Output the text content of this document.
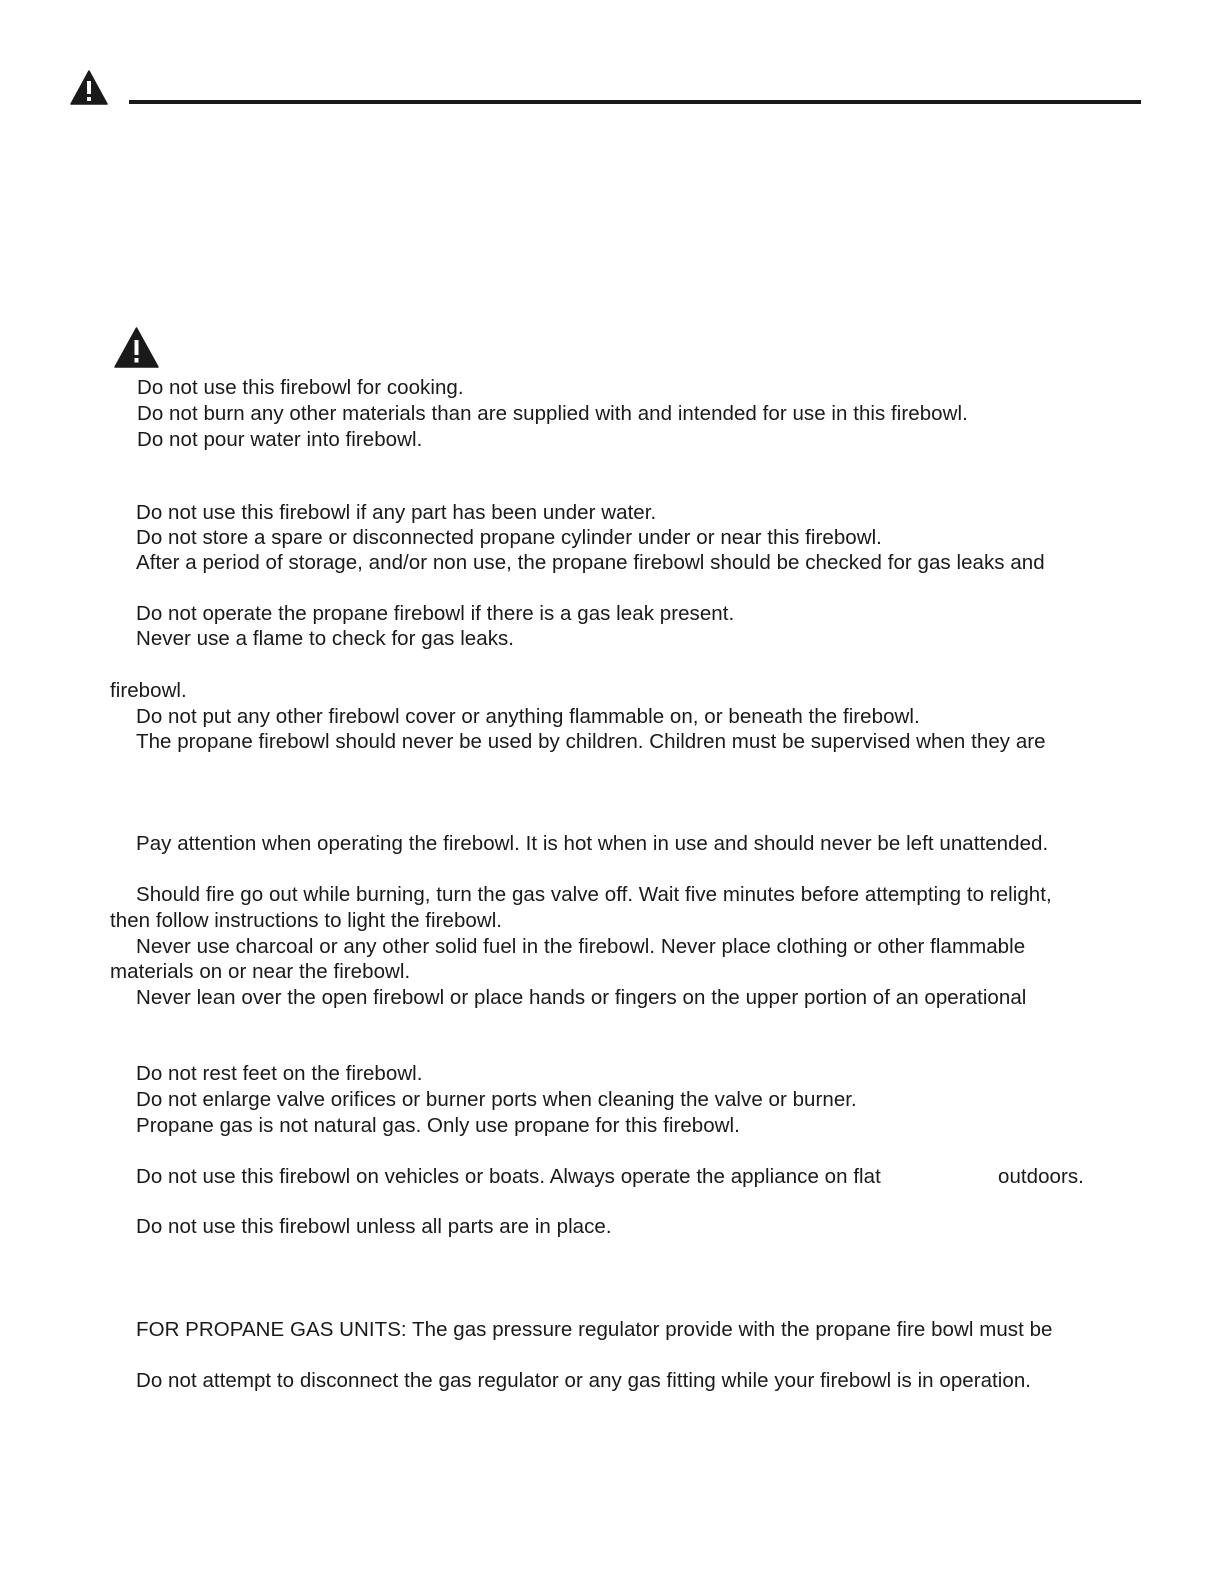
Do not use this firebowl for cooking.
Do not burn any other materials than are supplied with and intended for use in this firebowl.
Do not pour water into firebowl.
Do not use this firebowl if any part has been under water.
Do not store a spare or disconnected propane cylinder under or near this firebowl.
After a period of storage, and/or non use, the propane firebowl should be checked for gas leaks and
Do not operate the propane firebowl if there is a gas leak present.
Never use a flame to check for gas leaks.
firebowl.
Do not put any other firebowl cover or anything flammable on, or beneath the firebowl.
The propane firebowl should never be used by children. Children must be supervised when they are
Pay attention when operating the firebowl. It is hot when in use and should never be left unattended.
Should fire go out while burning, turn the gas valve off. Wait five minutes before attempting to relight,
then follow instructions to light the firebowl.
Never use charcoal or any other solid fuel in the firebowl. Never place clothing or other flammable
materials on or near the firebowl.
Never lean over the open firebowl or place hands or fingers on the upper portion of an operational
Do not rest feet on the firebowl.
Do not enlarge valve orifices or burner ports when cleaning the valve or burner.
Propane gas is not natural gas. Only use propane for this firebowl.
Do not use this firebowl on vehicles or boats. Always operate the appliance on flat	outdoors.
Do not use this firebowl unless all parts are in place.
FOR PROPANE GAS UNITS: The gas pressure regulator provide with the propane fire bowl must be
Do not attempt to disconnect the gas regulator or any gas fitting while your firebowl is in operation.
